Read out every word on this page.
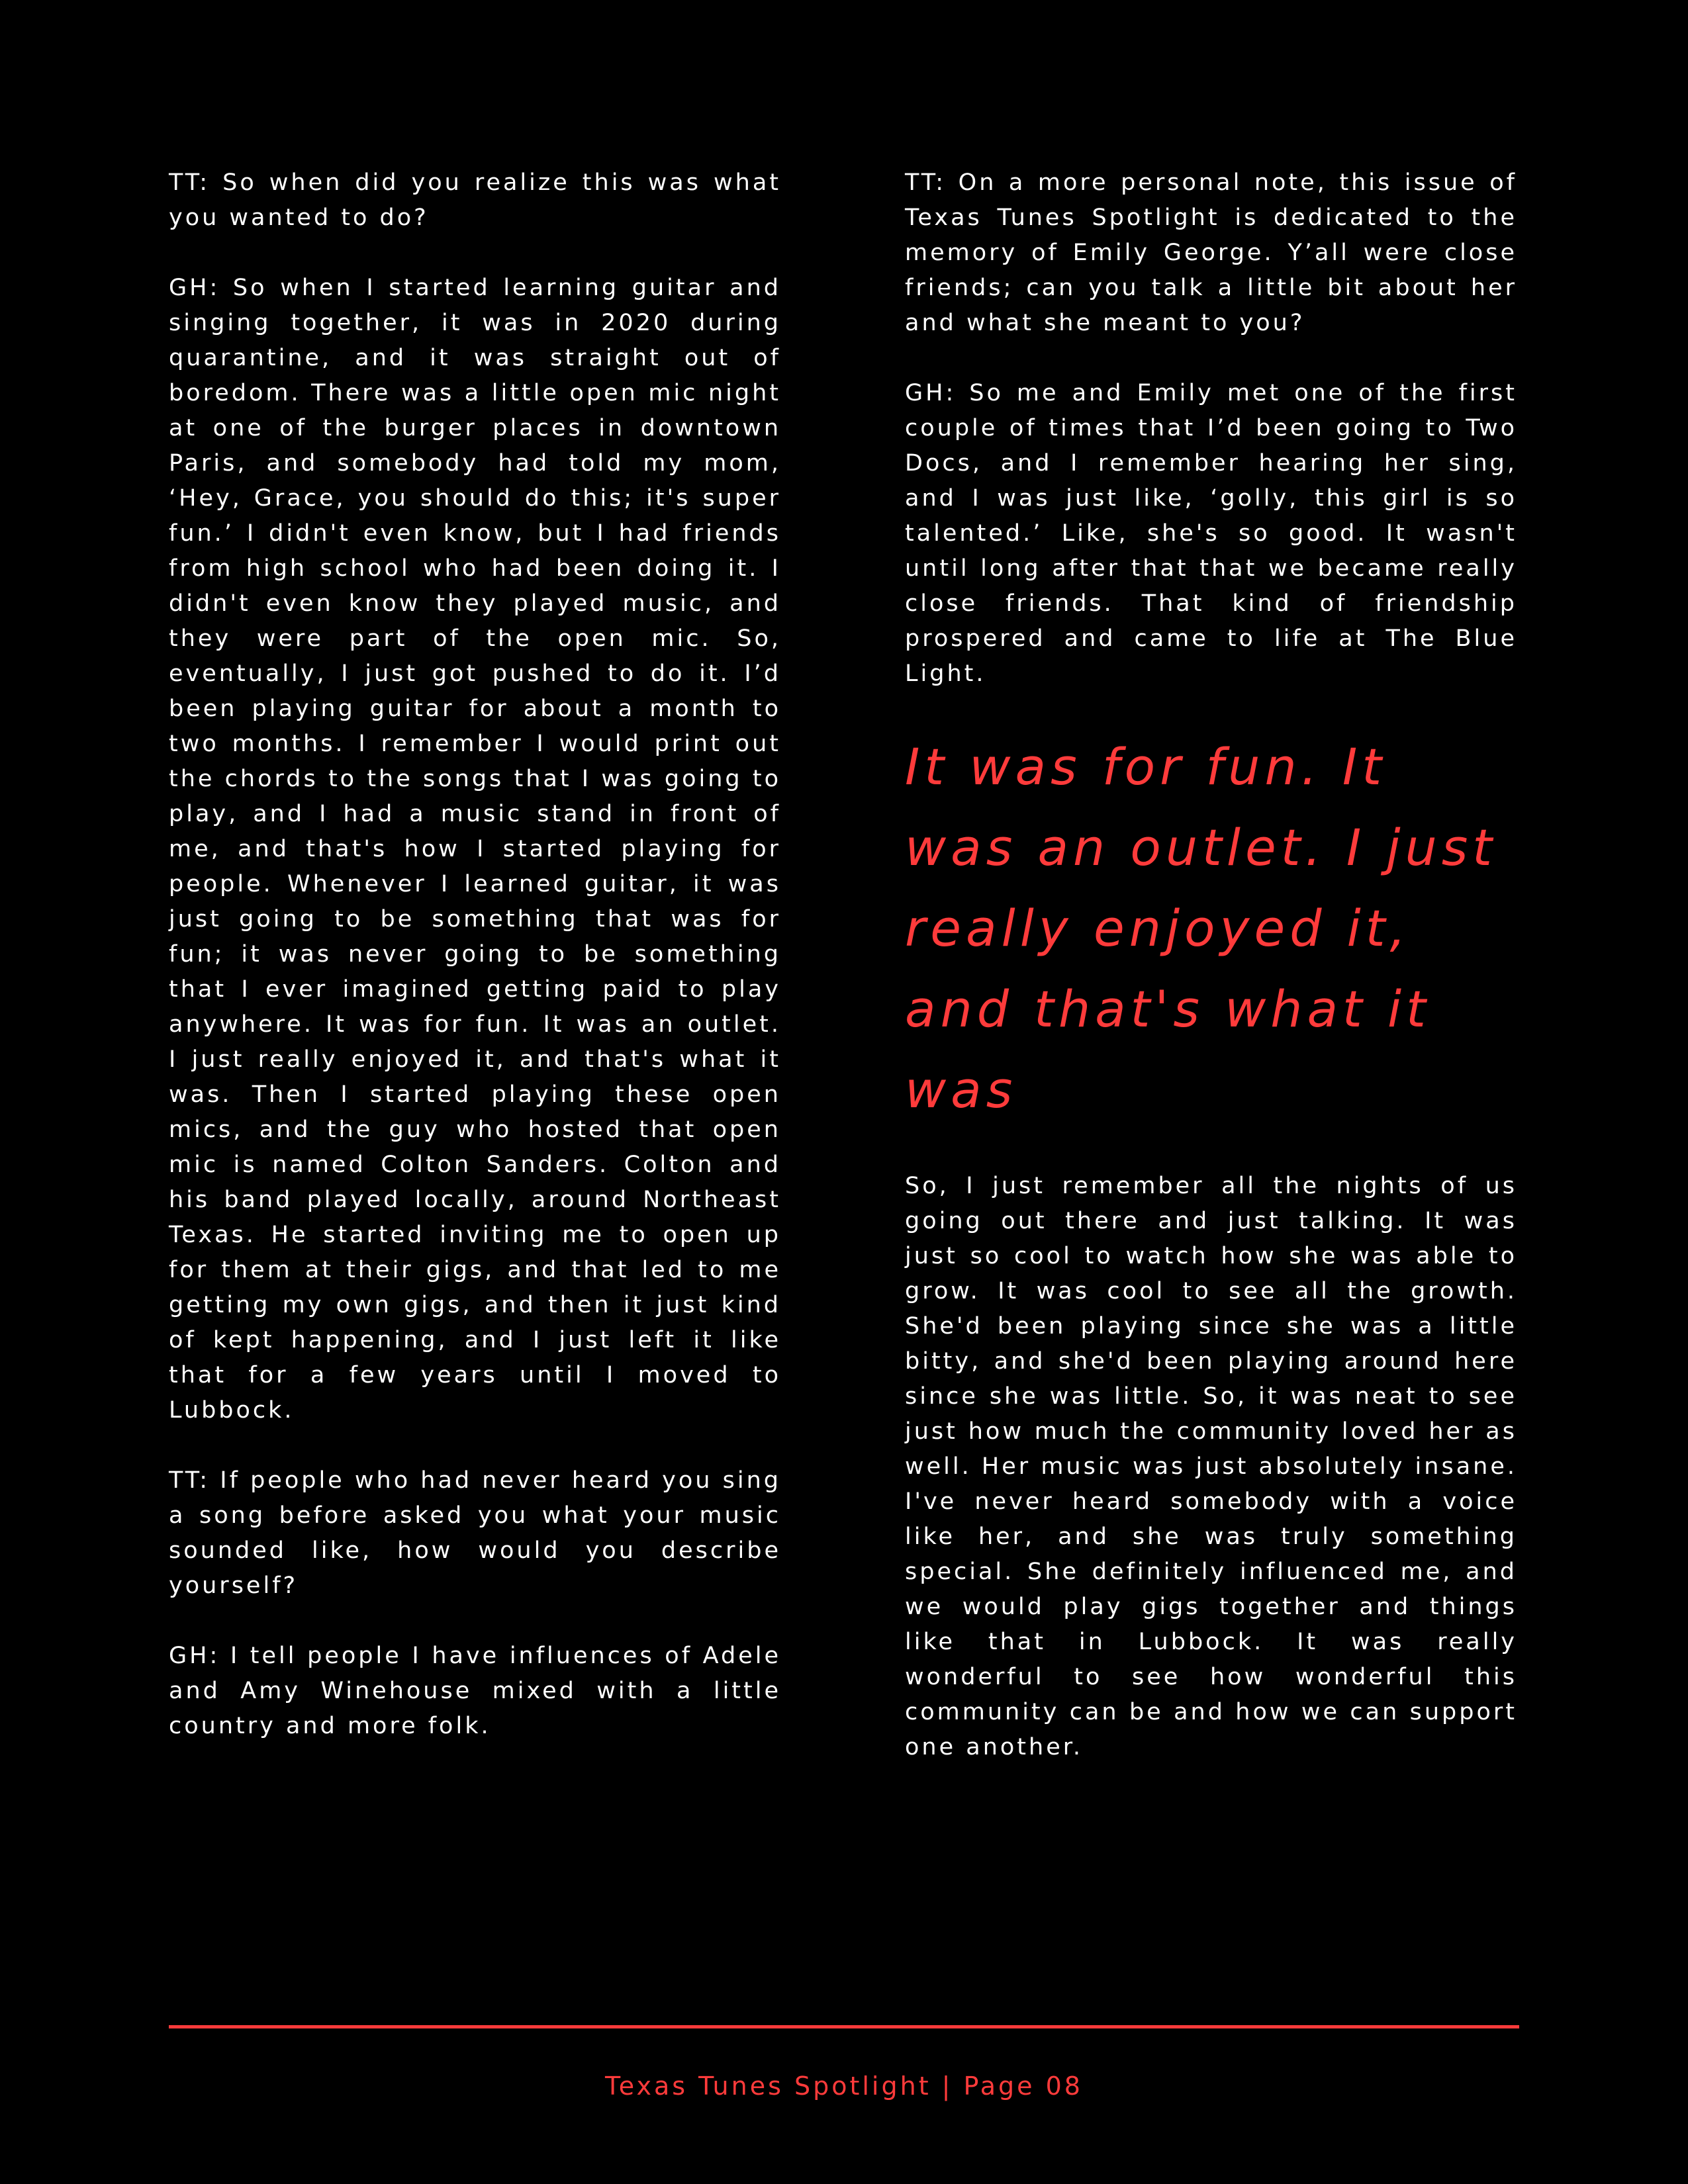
TT: So when did you realize this was what you wanted to do?

GH: So when I started learning guitar and singing together, it was in 2020 during quarantine, and it was straight out of boredom. There was a little open mic night at one of the burger places in downtown Paris, and somebody had told my mom, ‘Hey, Grace, you should do this; it's super fun.’ I didn't even know, but I had friends from high school who had been doing it. I didn't even know they played music, and they were part of the open mic. So, eventually, I just got pushed to do it. I’d been playing guitar for about a month to two months. I remember I would print out the chords to the songs that I was going to play, and I had a music stand in front of me, and that's how I started playing for people. Whenever I learned guitar, it was just going to be something that was for fun; it was never going to be something that I ever imagined getting paid to play anywhere. It was for fun. It was an outlet. I just really enjoyed it, and that's what it was. Then I started playing these open mics, and the guy who hosted that open mic is named Colton Sanders. Colton and his band played locally, around Northeast Texas. He started inviting me to open up for them at their gigs, and that led to me getting my own gigs, and then it just kind of kept happening, and I just left it like that for a few years until I moved to Lubbock.

TT: If people who had never heard you sing a song before asked you what your music sounded like, how would you describe yourself?

GH: I tell people I have influences of Adele and Amy Winehouse mixed with a little country and more folk.

TT: On a more personal note, this issue of Texas Tunes Spotlight is dedicated to the memory of Emily George. Y’all were close friends; can you talk a little bit about her and what she meant to you?

GH: So me and Emily met one of the first couple of times that I’d been going to Two Docs, and I remember hearing her sing, and I was just like, ‘golly, this girl is so talented.’ Like, she's so good. It wasn't until long after that that we became really close friends. That kind of friendship prospered and came to life at The Blue Light.

It was for fun. It was an outlet. I just really enjoyed it, and that's what it was

So, I just remember all the nights of us going out there and just talking. It was just so cool to watch how she was able to grow. It was cool to see all the growth. She'd been playing since she was a little bitty, and she'd been playing around here since she was little. So, it was neat to see just how much the community loved her as well. Her music was just absolutely insane. I've never heard somebody with a voice like her, and she was truly something special. She definitely influenced me, and we would play gigs together and things like that in Lubbock. It was really wonderful to see how wonderful this community can be and how we can support one another.

Texas Tunes Spotlight | Page 08
